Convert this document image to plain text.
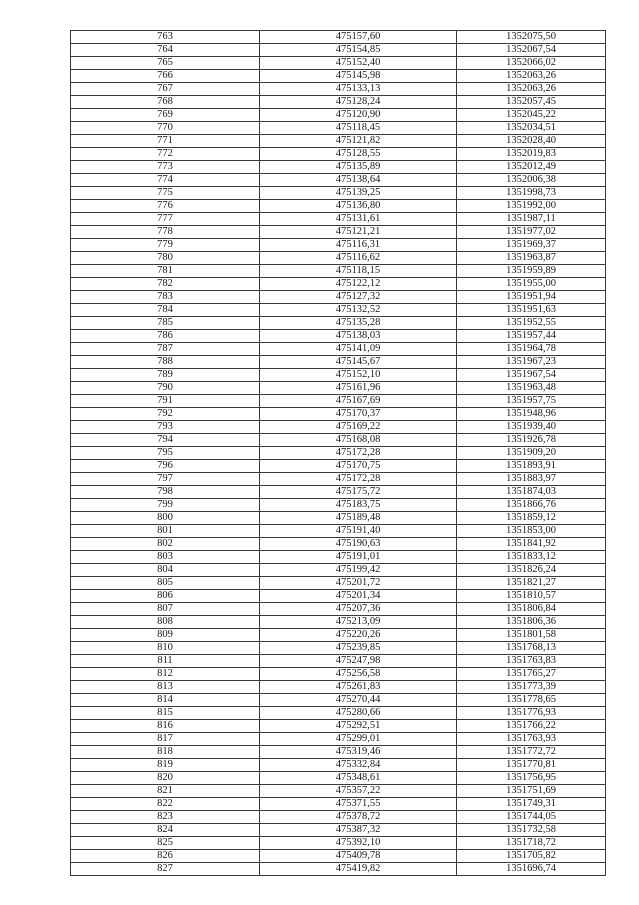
763	475157,60	1352075,50
764	475154,85	1352067,54
765	475152,40	1352066,02
766	475145,98	1352063,26
767	475133,13	1352063,26
768	475128,24	1352057,45
769	475120,90	1352045,22
770	475118,45	1352034,51
771	475121,82	1352028,40
772	475128,55	1352019,83
773	475135,89	1352012,49
774	475138,64	1352006,38
775	475139,25	1351998,73
776	475136,80	1351992,00
777	475131,61	1351987,11
778	475121,21	1351977,02
779	475116,31	1351969,37
780	475116,62	1351963,87
781	475118,15	1351959,89
782	475122,12	1351955,00
783	475127,32	1351951,94
784	475132,52	1351951,63
785	475135,28	1351952,55
786	475138,03	1351957,44
787	475141,09	1351964,78
788	475145,67	1351967,23
789	475152,10	1351967,54
790	475161,96	1351963,48
791	475167,69	1351957,75
792	475170,37	1351948,96
793	475169,22	1351939,40
794	475168,08	1351926,78
795	475172,28	1351909,20
796	475170,75	1351893,91
797	475172,28	1351883,97
798	475175,72	1351874,03
799	475183,75	1351866,76
800	475189,48	1351859,12
801	475191,40	1351853,00
802	475190,63	1351841,92
803	475191,01	1351833,12
804	475199,42	1351826,24
805	475201,72	1351821,27
806	475201,34	1351810,57
807	475207,36	1351806,84
808	475213,09	1351806,36
809	475220,26	1351801,58
810	475239,85	1351768,13
811	475247,98	1351763,83
812	475256,58	1351765,27
813	475261,83	1351773,39
814	475270,44	1351778,65
815	475280,66	1351776,93
816	475292,51	1351766,22
817	475299,01	1351763,93
818	475319,46	1351772,72
819	475332,84	1351770,81
820	475348,61	1351756,95
821	475357,22	1351751,69
822	475371,55	1351749,31
823	475378,72	1351744,05
824	475387,32	1351732,58
825	475392,10	1351718,72
826	475409,78	1351705,82
827	475419,82	1351696,74
